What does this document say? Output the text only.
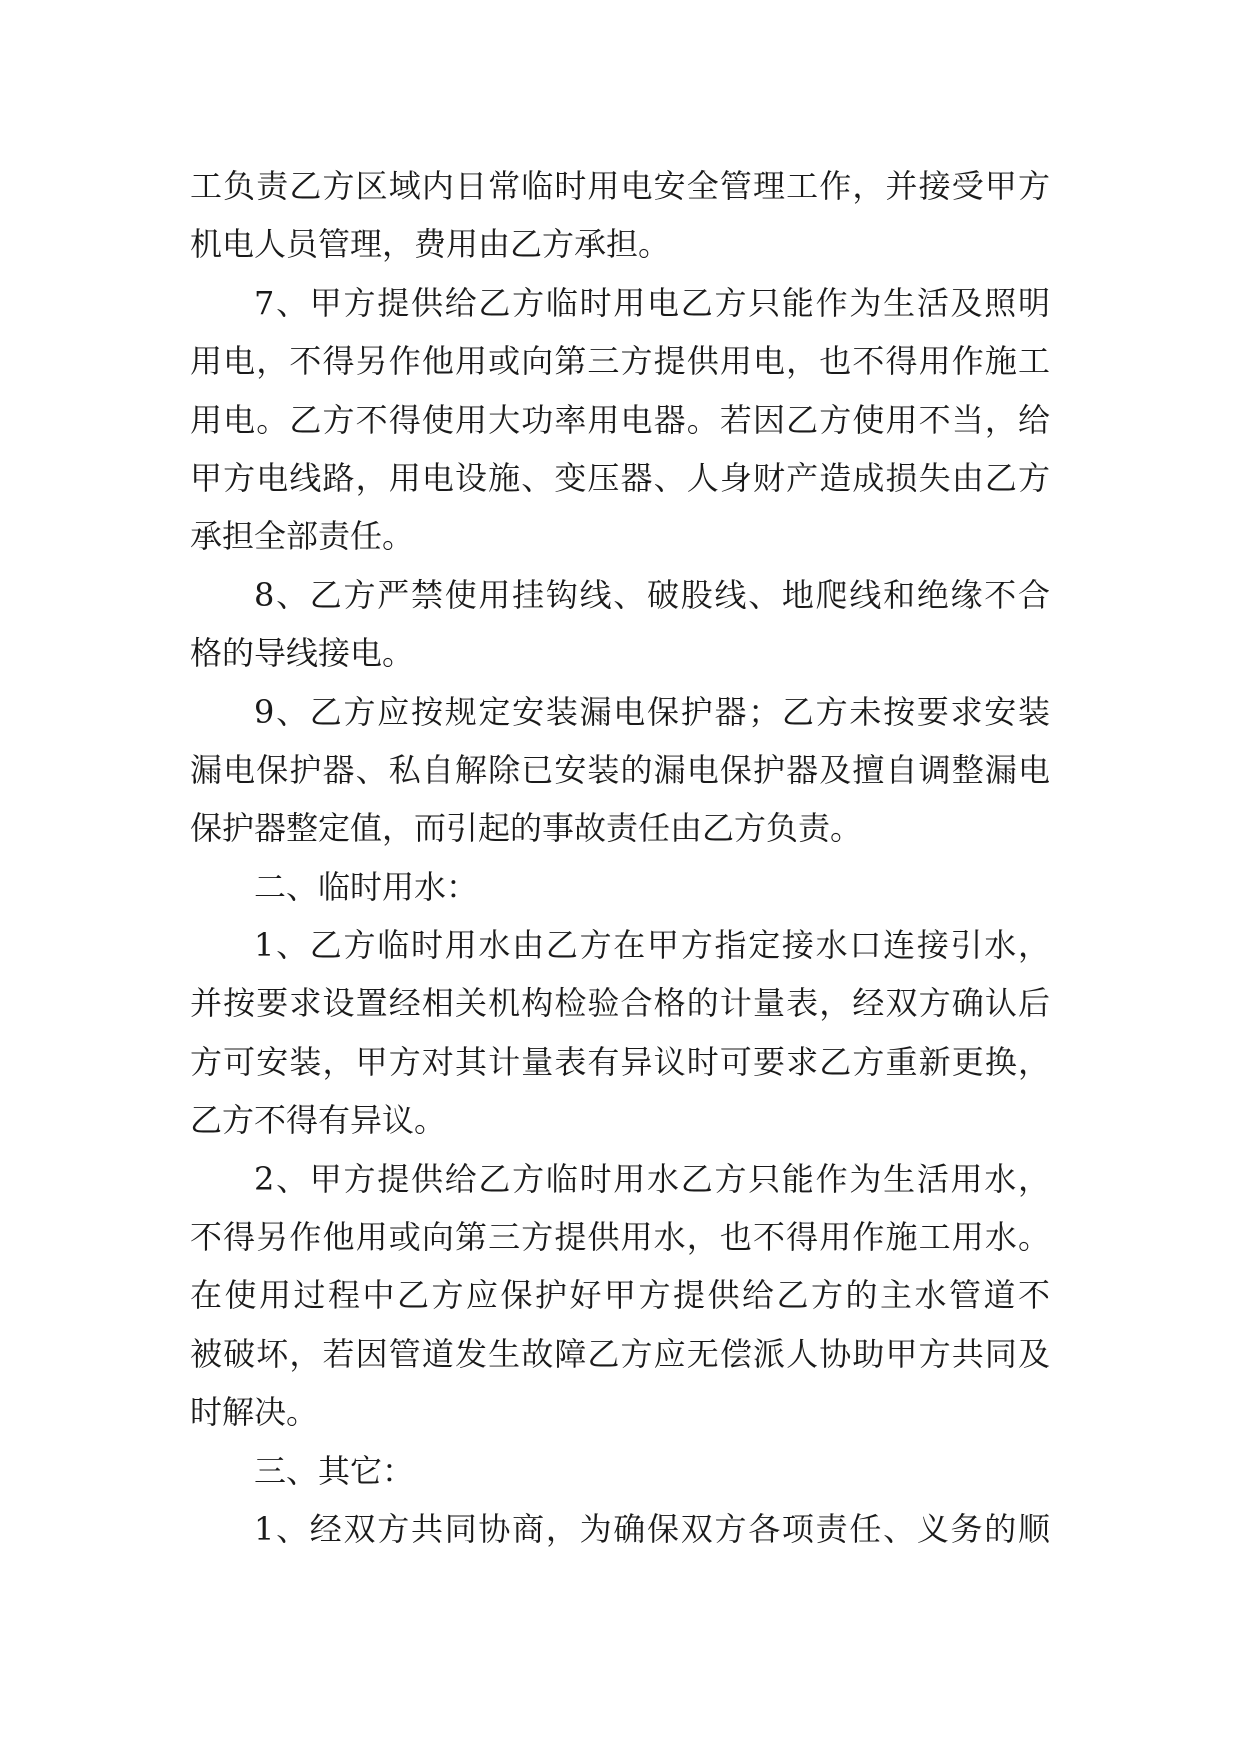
工负责乙方区域内日常临时用电安全管理工作，并接受甲方
机电人员管理，费用由乙方承担。
7、甲方提供给乙方临时用电乙方只能作为生活及照明
用电，不得另作他用或向第三方提供用电，也不得用作施工
用电。乙方不得使用大功率用电器。若因乙方使用不当，给
甲方电线路，用电设施、变压器、人身财产造成损失由乙方
承担全部责任。
8、乙方严禁使用挂钩线、破股线、地爬线和绝缘不合
格的导线接电。
9、乙方应按规定安装漏电保护器；乙方未按要求安装
漏电保护器、私自解除已安装的漏电保护器及擅自调整漏电
保护器整定值，而引起的事故责任由乙方负责。
二、临时用水：
1、乙方临时用水由乙方在甲方指定接水口连接引水，
并按要求设置经相关机构检验合格的计量表，经双方确认后
方可安装，甲方对其计量表有异议时可要求乙方重新更换，
乙方不得有异议。
2、甲方提供给乙方临时用水乙方只能作为生活用水，
不得另作他用或向第三方提供用水，也不得用作施工用水。
在使用过程中乙方应保护好甲方提供给乙方的主水管道不
被破坏，若因管道发生故障乙方应无偿派人协助甲方共同及
时解决。
三、其它：
1、经双方共同协商，为确保双方各项责任、义务的顺
